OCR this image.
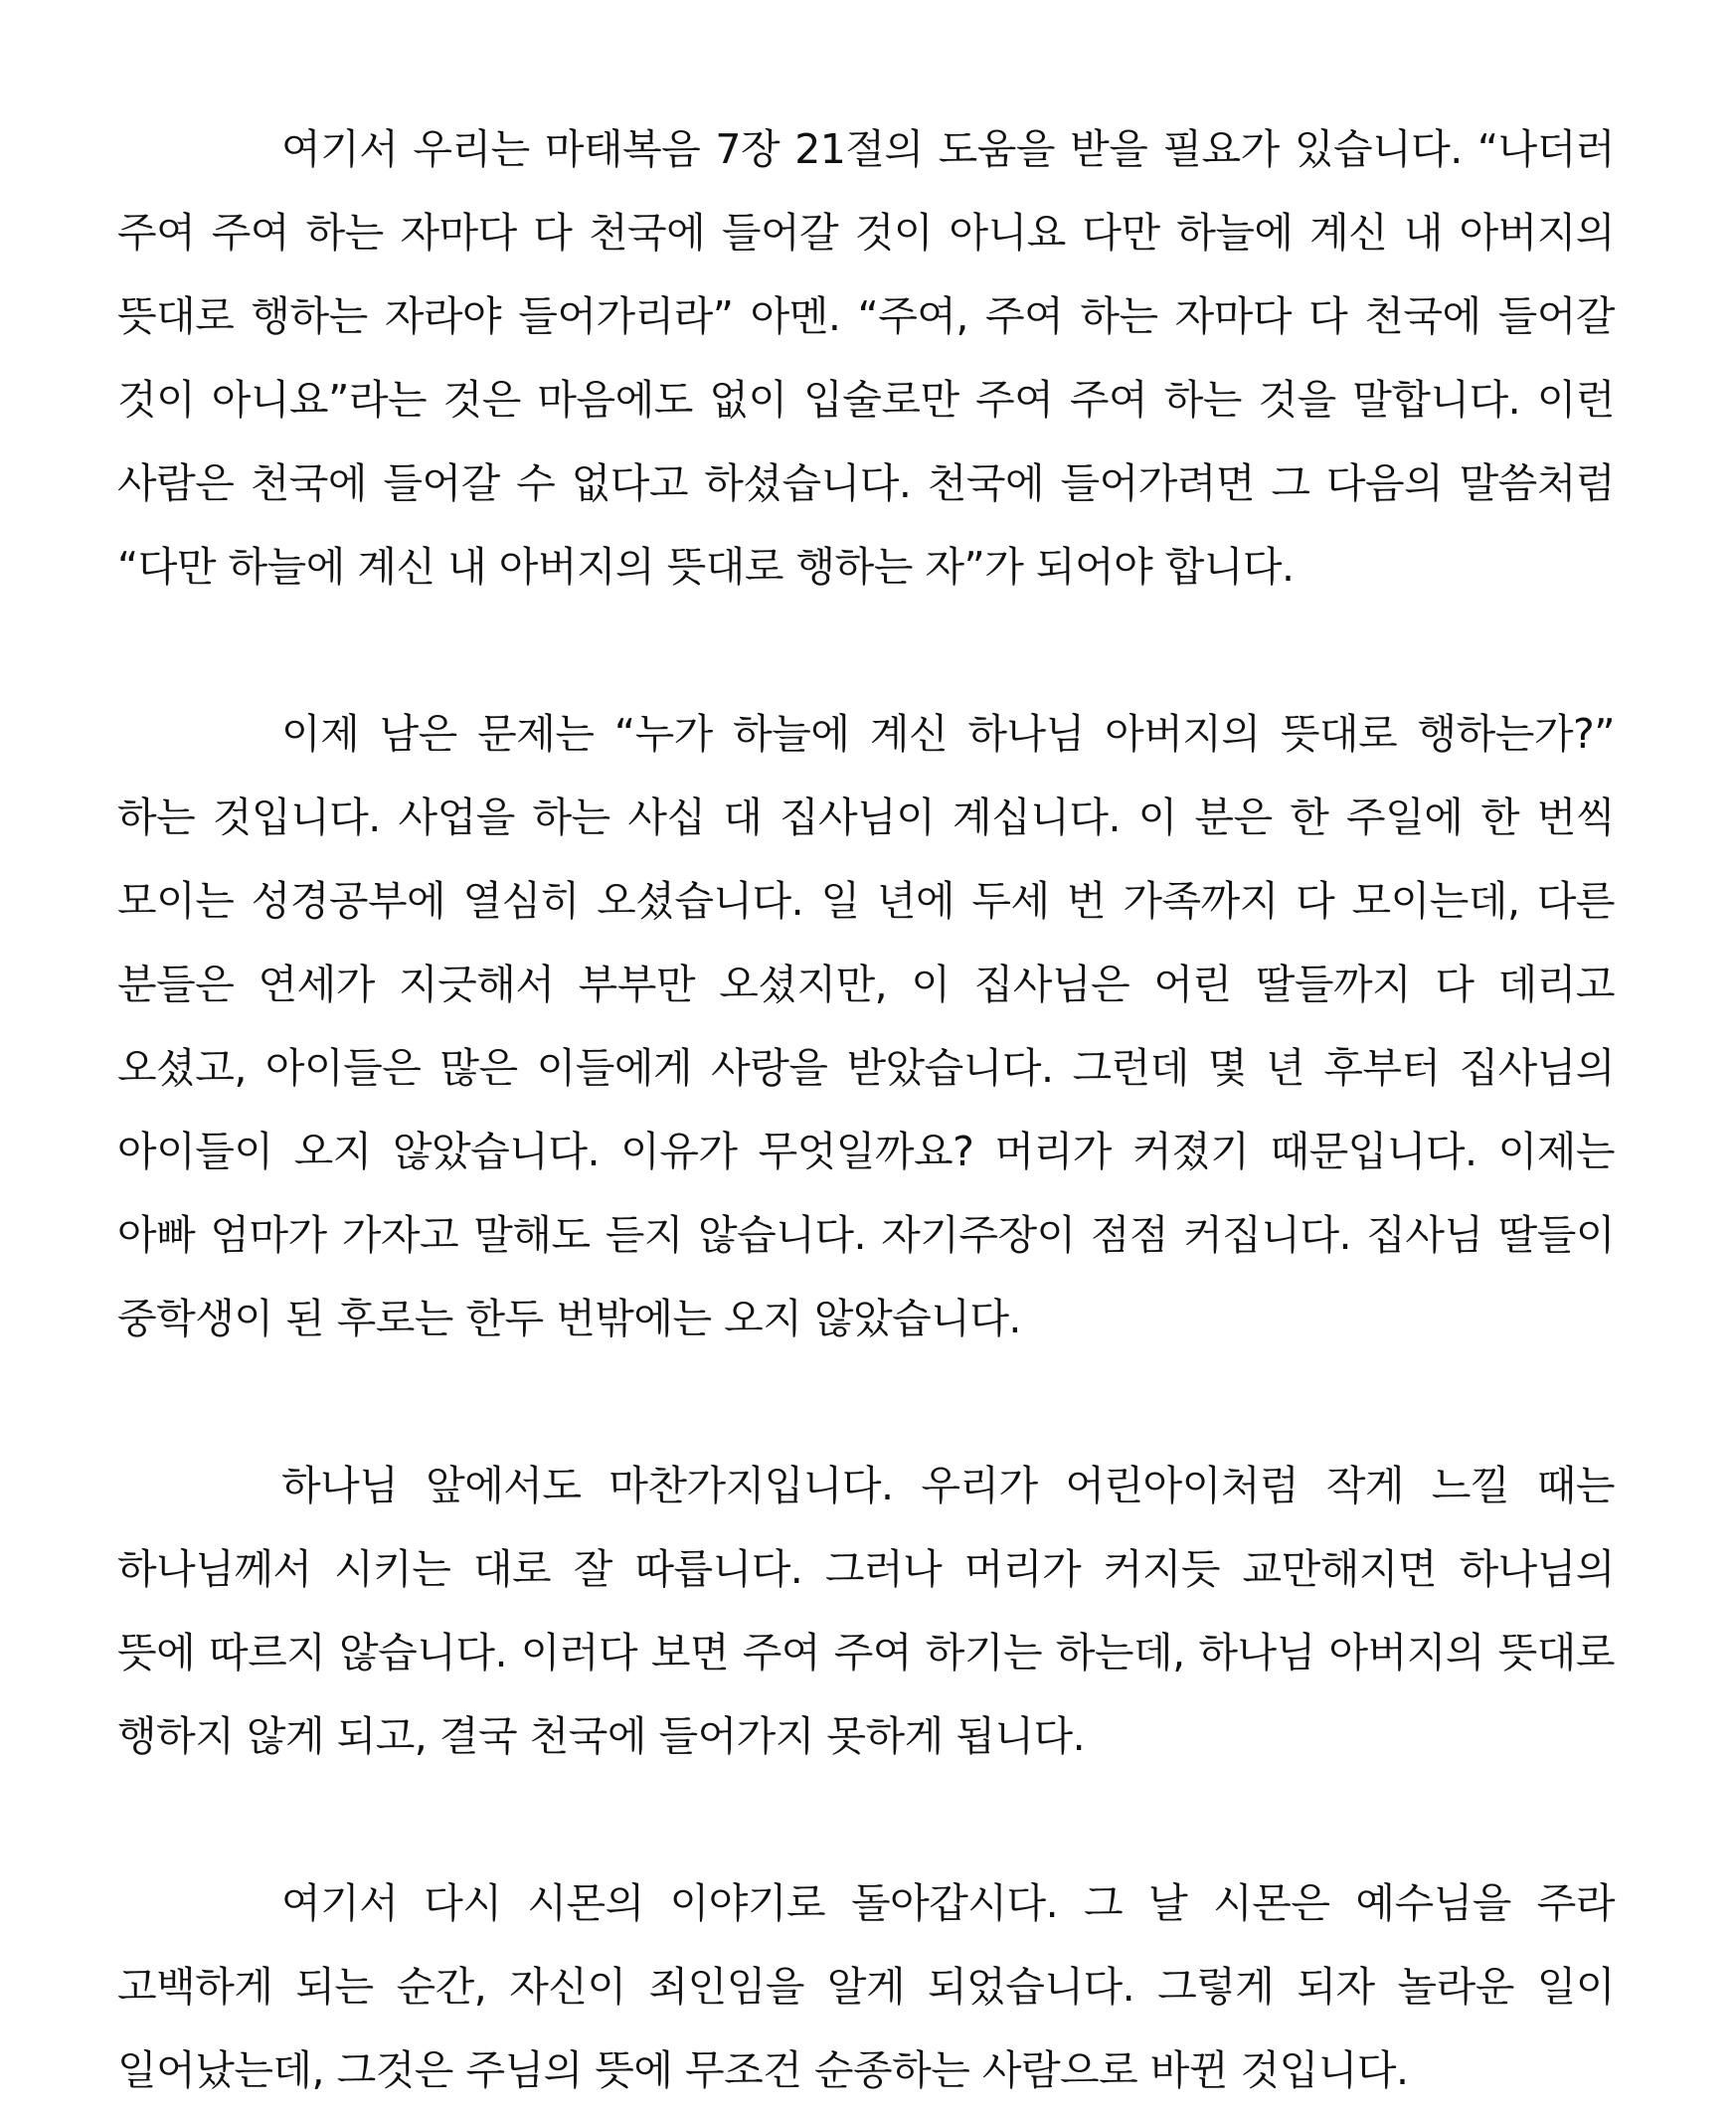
여기서 우리는 마태복음 7장 21절의 도움을 받을 필요가 있습니다. “나더러 주여 주여 하는 자마다 다 천국에 들어갈 것이 아니요 다만 하늘에 계신 내 아버지의 뜻대로 행하는 자라야 들어가리라” 아멘. “주여, 주여 하는 자마다 다 천국에 들어갈 것이 아니요”라는 것은 마음에도 없이 입술로만 주여 주여 하는 것을 말합니다. 이런 사람은 천국에 들어갈 수 없다고 하셨습니다. 천국에 들어가려면 그 다음의 말씀처럼 “다만 하늘에 계신 내 아버지의 뜻대로 행하는 자”가 되어야 합니다.

이제 남은 문제는 “누가 하늘에 계신 하나님 아버지의 뜻대로 행하는가?” 하는 것입니다. 사업을 하는 사십 대 집사님이 계십니다. 이 분은 한 주일에 한 번씩 모이는 성경공부에 열심히 오셨습니다. 일 년에 두세 번 가족까지 다 모이는데, 다른 분들은 연세가 지긋해서 부부만 오셨지만, 이 집사님은 어린 딸들까지 다 데리고 오셨고, 아이들은 많은 이들에게 사랑을 받았습니다. 그런데 몇 년 후부터 집사님의 아이들이 오지 않았습니다. 이유가 무엇일까요? 머리가 커졌기 때문입니다. 이제는 아빠 엄마가 가자고 말해도 듣지 않습니다. 자기주장이 점점 커집니다. 집사님 딸들이 중학생이 된 후로는 한두 번밖에는 오지 않았습니다.

하나님 앞에서도 마찬가지입니다. 우리가 어린아이처럼 작게 느낄 때는 하나님께서 시키는 대로 잘 따릅니다. 그러나 머리가 커지듯 교만해지면 하나님의 뜻에 따르지 않습니다. 이러다 보면 주여 주여 하기는 하는데, 하나님 아버지의 뜻대로 행하지 않게 되고, 결국 천국에 들어가지 못하게 됩니다.

여기서 다시 시몬의 이야기로 돌아갑시다. 그 날 시몬은 예수님을 주라 고백하게 되는 순간, 자신이 죄인임을 알게 되었습니다. 그렇게 되자 놀라운 일이 일어났는데, 그것은 주님의 뜻에 무조건 순종하는 사람으로 바뀐 것입니다.
